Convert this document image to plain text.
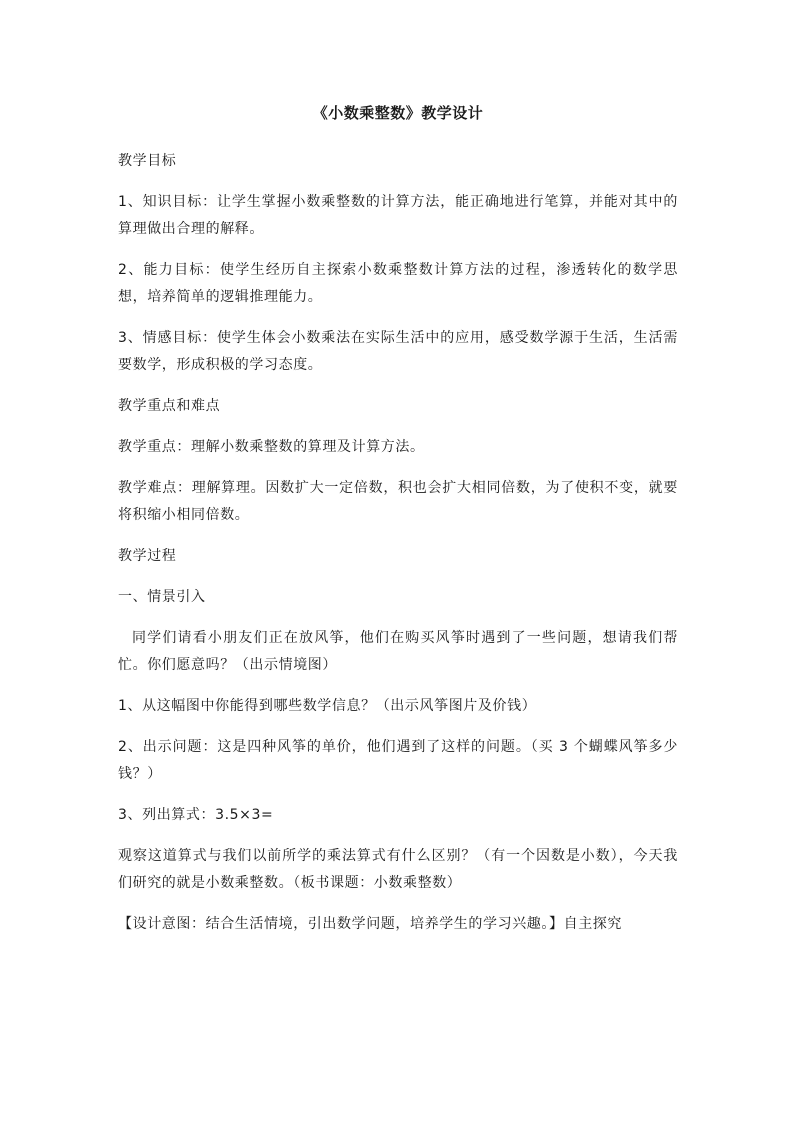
《小数乘整数》教学设计
教学目标
1、知识目标：让学生掌握小数乘整数的计算方法，能正确地进行笔算，并能对其中的算理做出合理的解释。
2、能力目标：使学生经历自主探索小数乘整数计算方法的过程，渗透转化的数学思想，培养简单的逻辑推理能力。
3、情感目标：使学生体会小数乘法在实际生活中的应用，感受数学源于生活，生活需要数学，形成积极的学习态度。
教学重点和难点
教学重点：理解小数乘整数的算理及计算方法。
教学难点：理解算理。因数扩大一定倍数，积也会扩大相同倍数，为了使积不变，就要将积缩小相同倍数。
教学过程
一、情景引入
同学们请看小朋友们正在放风筝，他们在购买风筝时遇到了一些问题，想请我们帮忙。你们愿意吗？（出示情境图）
1、从这幅图中你能得到哪些数学信息？（出示风筝图片及价钱）
2、出示问题：这是四种风筝的单价，他们遇到了这样的问题。（买 3 个蝴蝶风筝多少钱？）
3、列出算式：3.5×3=
观察这道算式与我们以前所学的乘法算式有什么区别？（有一个因数是小数），今天我们研究的就是小数乘整数。（板书课题：小数乘整数）
【设计意图：结合生活情境，引出数学问题，培养学生的学习兴趣。】自主探究
